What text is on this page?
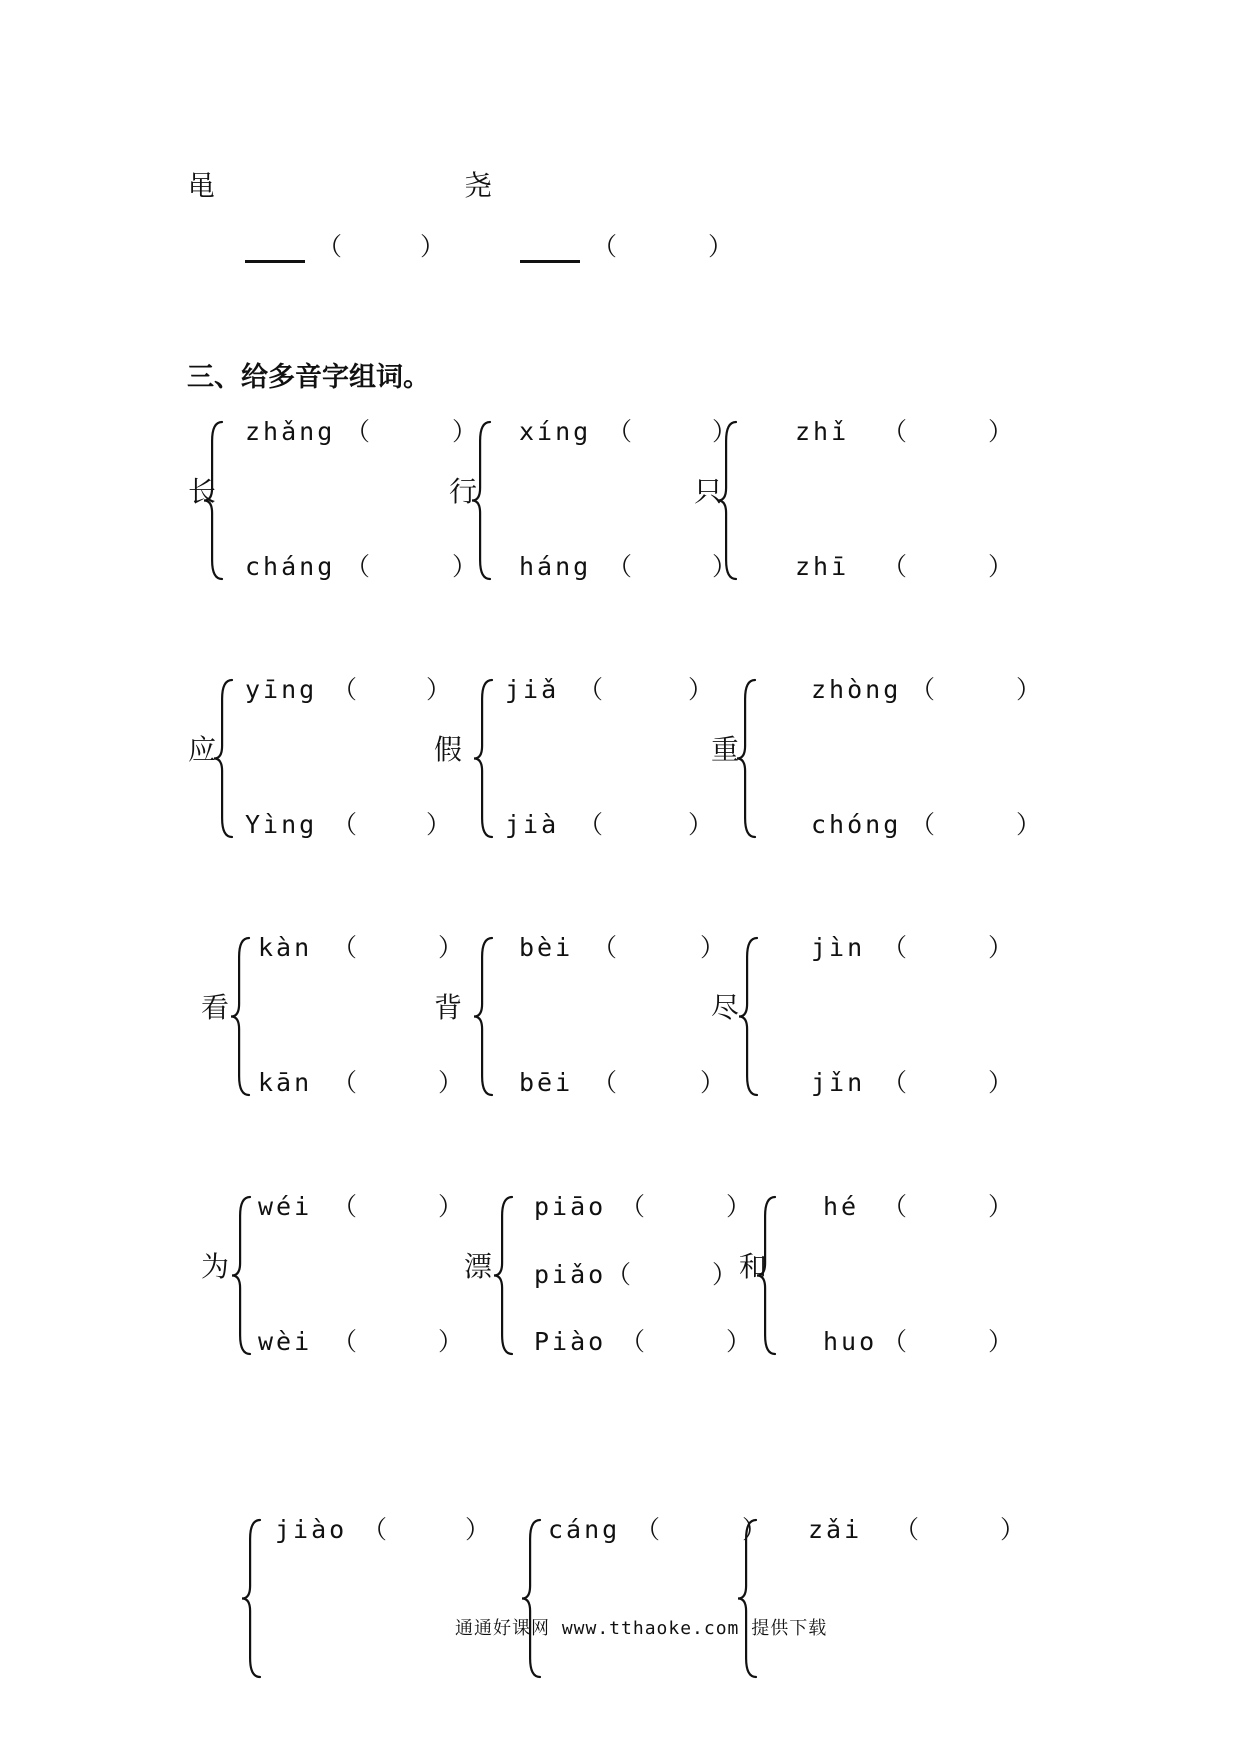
黾	尧
（	）	（	）
三、给多音字组词。
长
zhǎng （	）
cháng （	）
行
xíng （	）
háng （	）
只
zhǐ （	）
zhī （	）
应
yīng （	）
Yìng （	）
假
jiǎ （	）
jià （	）
重
zhòng （	）
chóng （	）
看
kàn （	）
kān （	）
背
bèi （	）
bēi （	）
尽
jìn （	）
jǐn （	）
为
wéi （	）
wèi （	）
漂
piāo （	）
piǎo （	）
Piào （	）
和
hé （	）
huo （	）
jiào （	） cáng （	） zǎi （	）
通通好课网 www.tthaoke.com 提供下载
